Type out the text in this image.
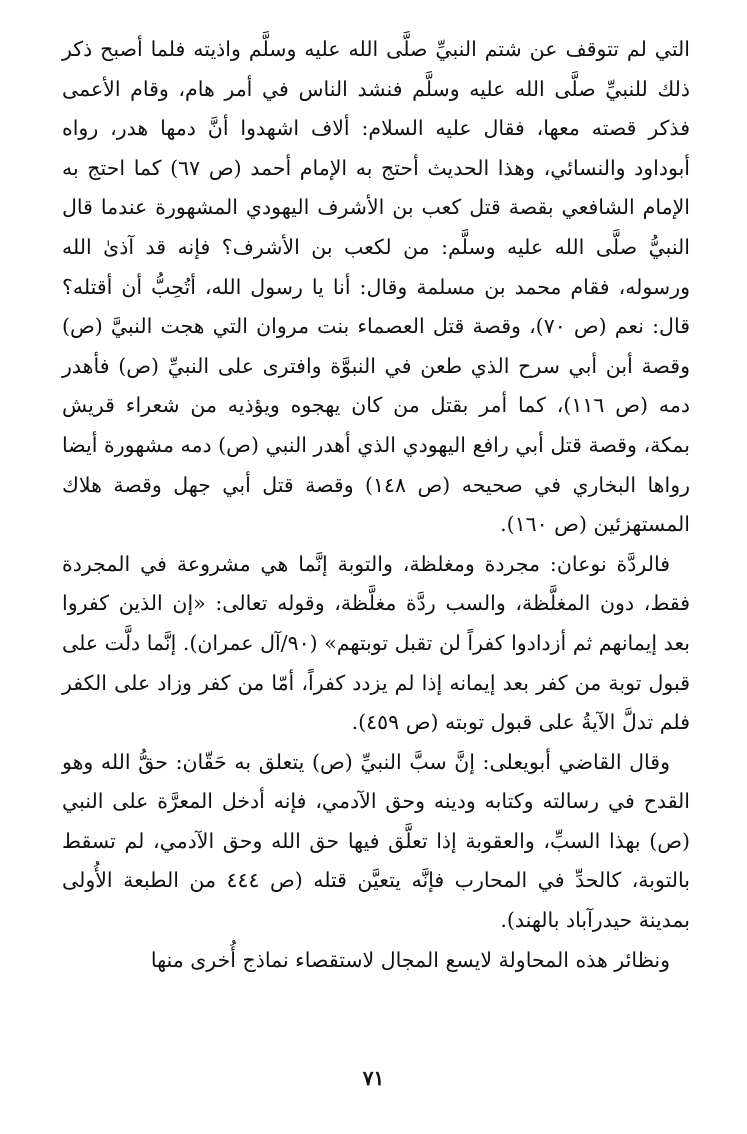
التي لم تتوقف عن شتم النبيِّ صلَّى الله عليه وسلَّم واذيته فلما أصبح ذكر ذلك للنبيِّ صلَّى الله عليه وسلَّم فنشد الناس في أمر هام، وقام الأعمى فذكر قصته معها، فقال عليه السلام: ألاف اشهدوا أنَّ دمها هدر، رواه أبوداود والنسائي، وهذا الحديث أحتج به الإمام أحمد (ص ٦٧) كما احتج به الإمام الشافعي بقصة قتل كعب بن الأشرف اليهودي المشهورة عندما قال النبيُّ صلَّى الله عليه وسلَّم: من لكعب بن الأشرف؟ فإنه قد آذىٰ الله ورسوله، فقام محمد بن مسلمة وقال: أنا يا رسول الله، أتُحِبُّ أن أقتله؟ قال: نعم (ص ٧٠)، وقصة قتل العصماء بنت مروان التي هجت النبيَّ (ص) وقصة أبن أبي سرح الذي طعن في النبوَّة وافترى على النبيِّ (ص) فأهدر دمه (ص ١١٦)، كما أمر بقتل من كان يهجوه ويؤذيه من شعراء قريش بمكة، وقصة قتل أبي رافع اليهودي الذي أهدر النبي (ص) دمه مشهورة أيضا رواها البخاري في صحيحه (ص ١٤٨) وقصة قتل أبي جهل وقصة هلاك المستهزئين (ص ١٦٠).

فالردَّة نوعان: مجردة ومغلظة، والتوبة إنَّما هي مشروعة في المجردة فقط، دون المغلَّظة، والسب ردَّة مغلَّظة، وقوله تعالى: «إن الذين كفروا بعد إيمانهم ثم أزدادوا كفراً لن تقبل توبتهم» (٩٠/آل عمران). إنَّما دلَّت على قبول توبة من كفر بعد إيمانه إذا لم يزدد كفراً، أمّا من كفر وزاد على الكفر فلم تدلَّ الآيةُ على قبول توبته (ص ٤٥٩).

وقال القاضي أبويعلى: إنَّ سبَّ النبيِّ (ص) يتعلق به حَقّان: حقُّ الله وهو القدح في رسالته وكتابه ودينه وحق الآدمي، فإنه أدخل المعرَّة على النبي (ص) بهذا السبِّ، والعقوبة إذا تعلَّق فيها حق الله وحق الآدمي، لم تسقط بالتوبة، كالحدِّ في المحارب فإنَّه يتعيَّن قتله (ص ٤٤٤ من الطبعة الأُولى بمدينة حيدرآباد بالهند).

ونظائر هذه المحاولة لايسع المجال لاستقصاء نماذج أُخرى منها

٧١
